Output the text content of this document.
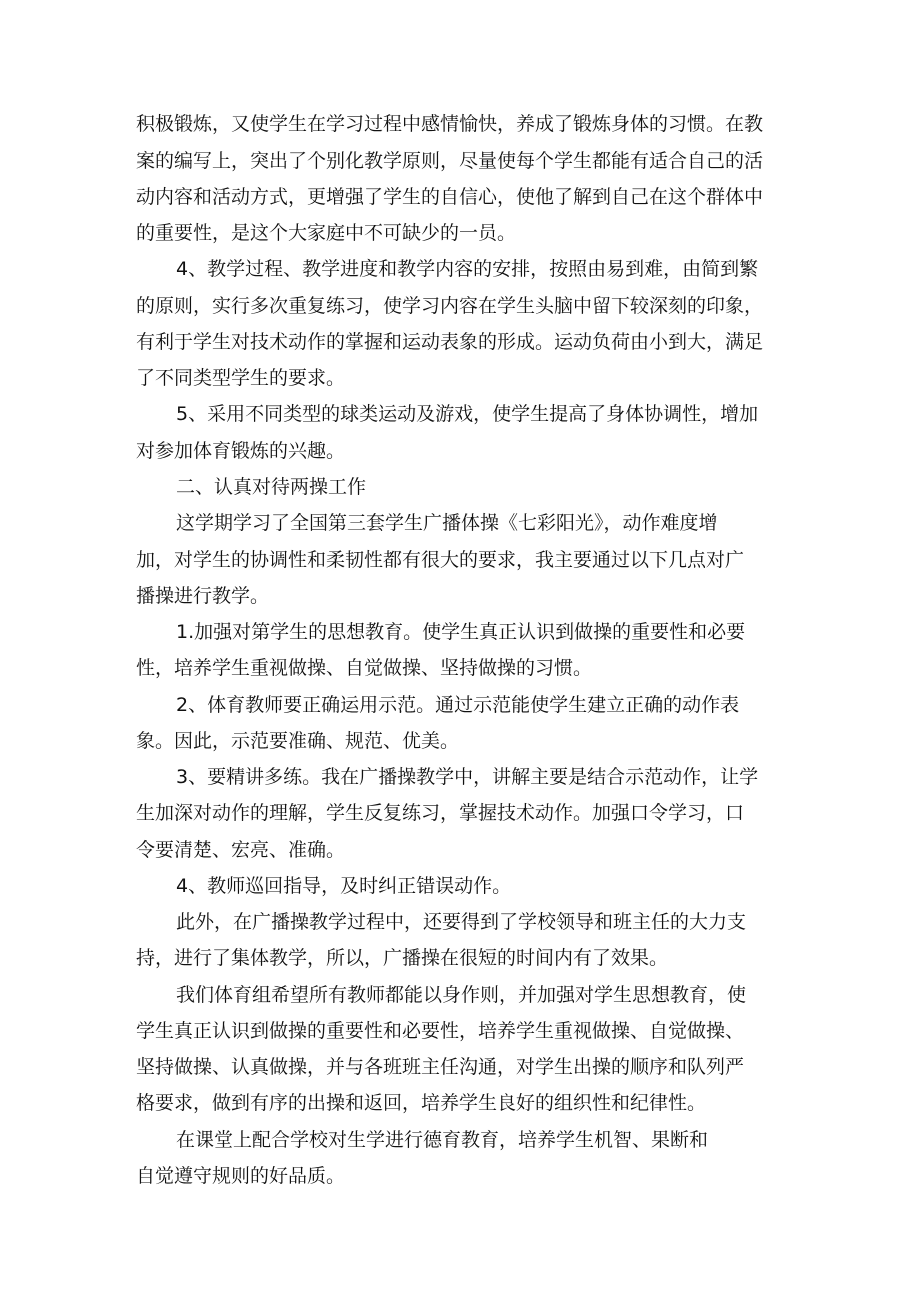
积极锻炼，又使学生在学习过程中感情愉快，养成了锻炼身体的习惯。在教
案的编写上，突出了个别化教学原则，尽量使每个学生都能有适合自己的活
动内容和活动方式，更增强了学生的自信心，使他了解到自己在这个群体中
的重要性，是这个大家庭中不可缺少的一员。
4、教学过程、教学进度和教学内容的安排，按照由易到难，由简到繁
的原则，实行多次重复练习，使学习内容在学生头脑中留下较深刻的印象，
有利于学生对技术动作的掌握和运动表象的形成。运动负荷由小到大，满足
了不同类型学生的要求。
5、采用不同类型的球类运动及游戏，使学生提高了身体协调性，增加
对参加体育锻炼的兴趣。
二、认真对待两操工作
这学期学习了全国第三套学生广播体操《七彩阳光》，动作难度增
加，对学生的协调性和柔韧性都有很大的要求，我主要通过以下几点对广
播操进行教学。
1.加强对第学生的思想教育。使学生真正认识到做操的重要性和必要
性，培养学生重视做操、自觉做操、坚持做操的习惯。
2、体育教师要正确运用示范。通过示范能使学生建立正确的动作表
象。因此，示范要准确、规范、优美。
3、要精讲多练。我在广播操教学中，讲解主要是结合示范动作，让学
生加深对动作的理解，学生反复练习，掌握技术动作。加强口令学习，口
令要清楚、宏亮、准确。
4、教师巡回指导，及时纠正错误动作。
此外，在广播操教学过程中，还要得到了学校领导和班主任的大力支
持，进行了集体教学，所以，广播操在很短的时间内有了效果。
我们体育组希望所有教师都能以身作则，并加强对学生思想教育，使
学生真正认识到做操的重要性和必要性，培养学生重视做操、自觉做操、
坚持做操、认真做操，并与各班班主任沟通，对学生出操的顺序和队列严
格要求，做到有序的出操和返回，培养学生良好的组织性和纪律性。
在课堂上配合学校对生学进行德育教育，培养学生机智、果断和
自觉遵守规则的好品质。
